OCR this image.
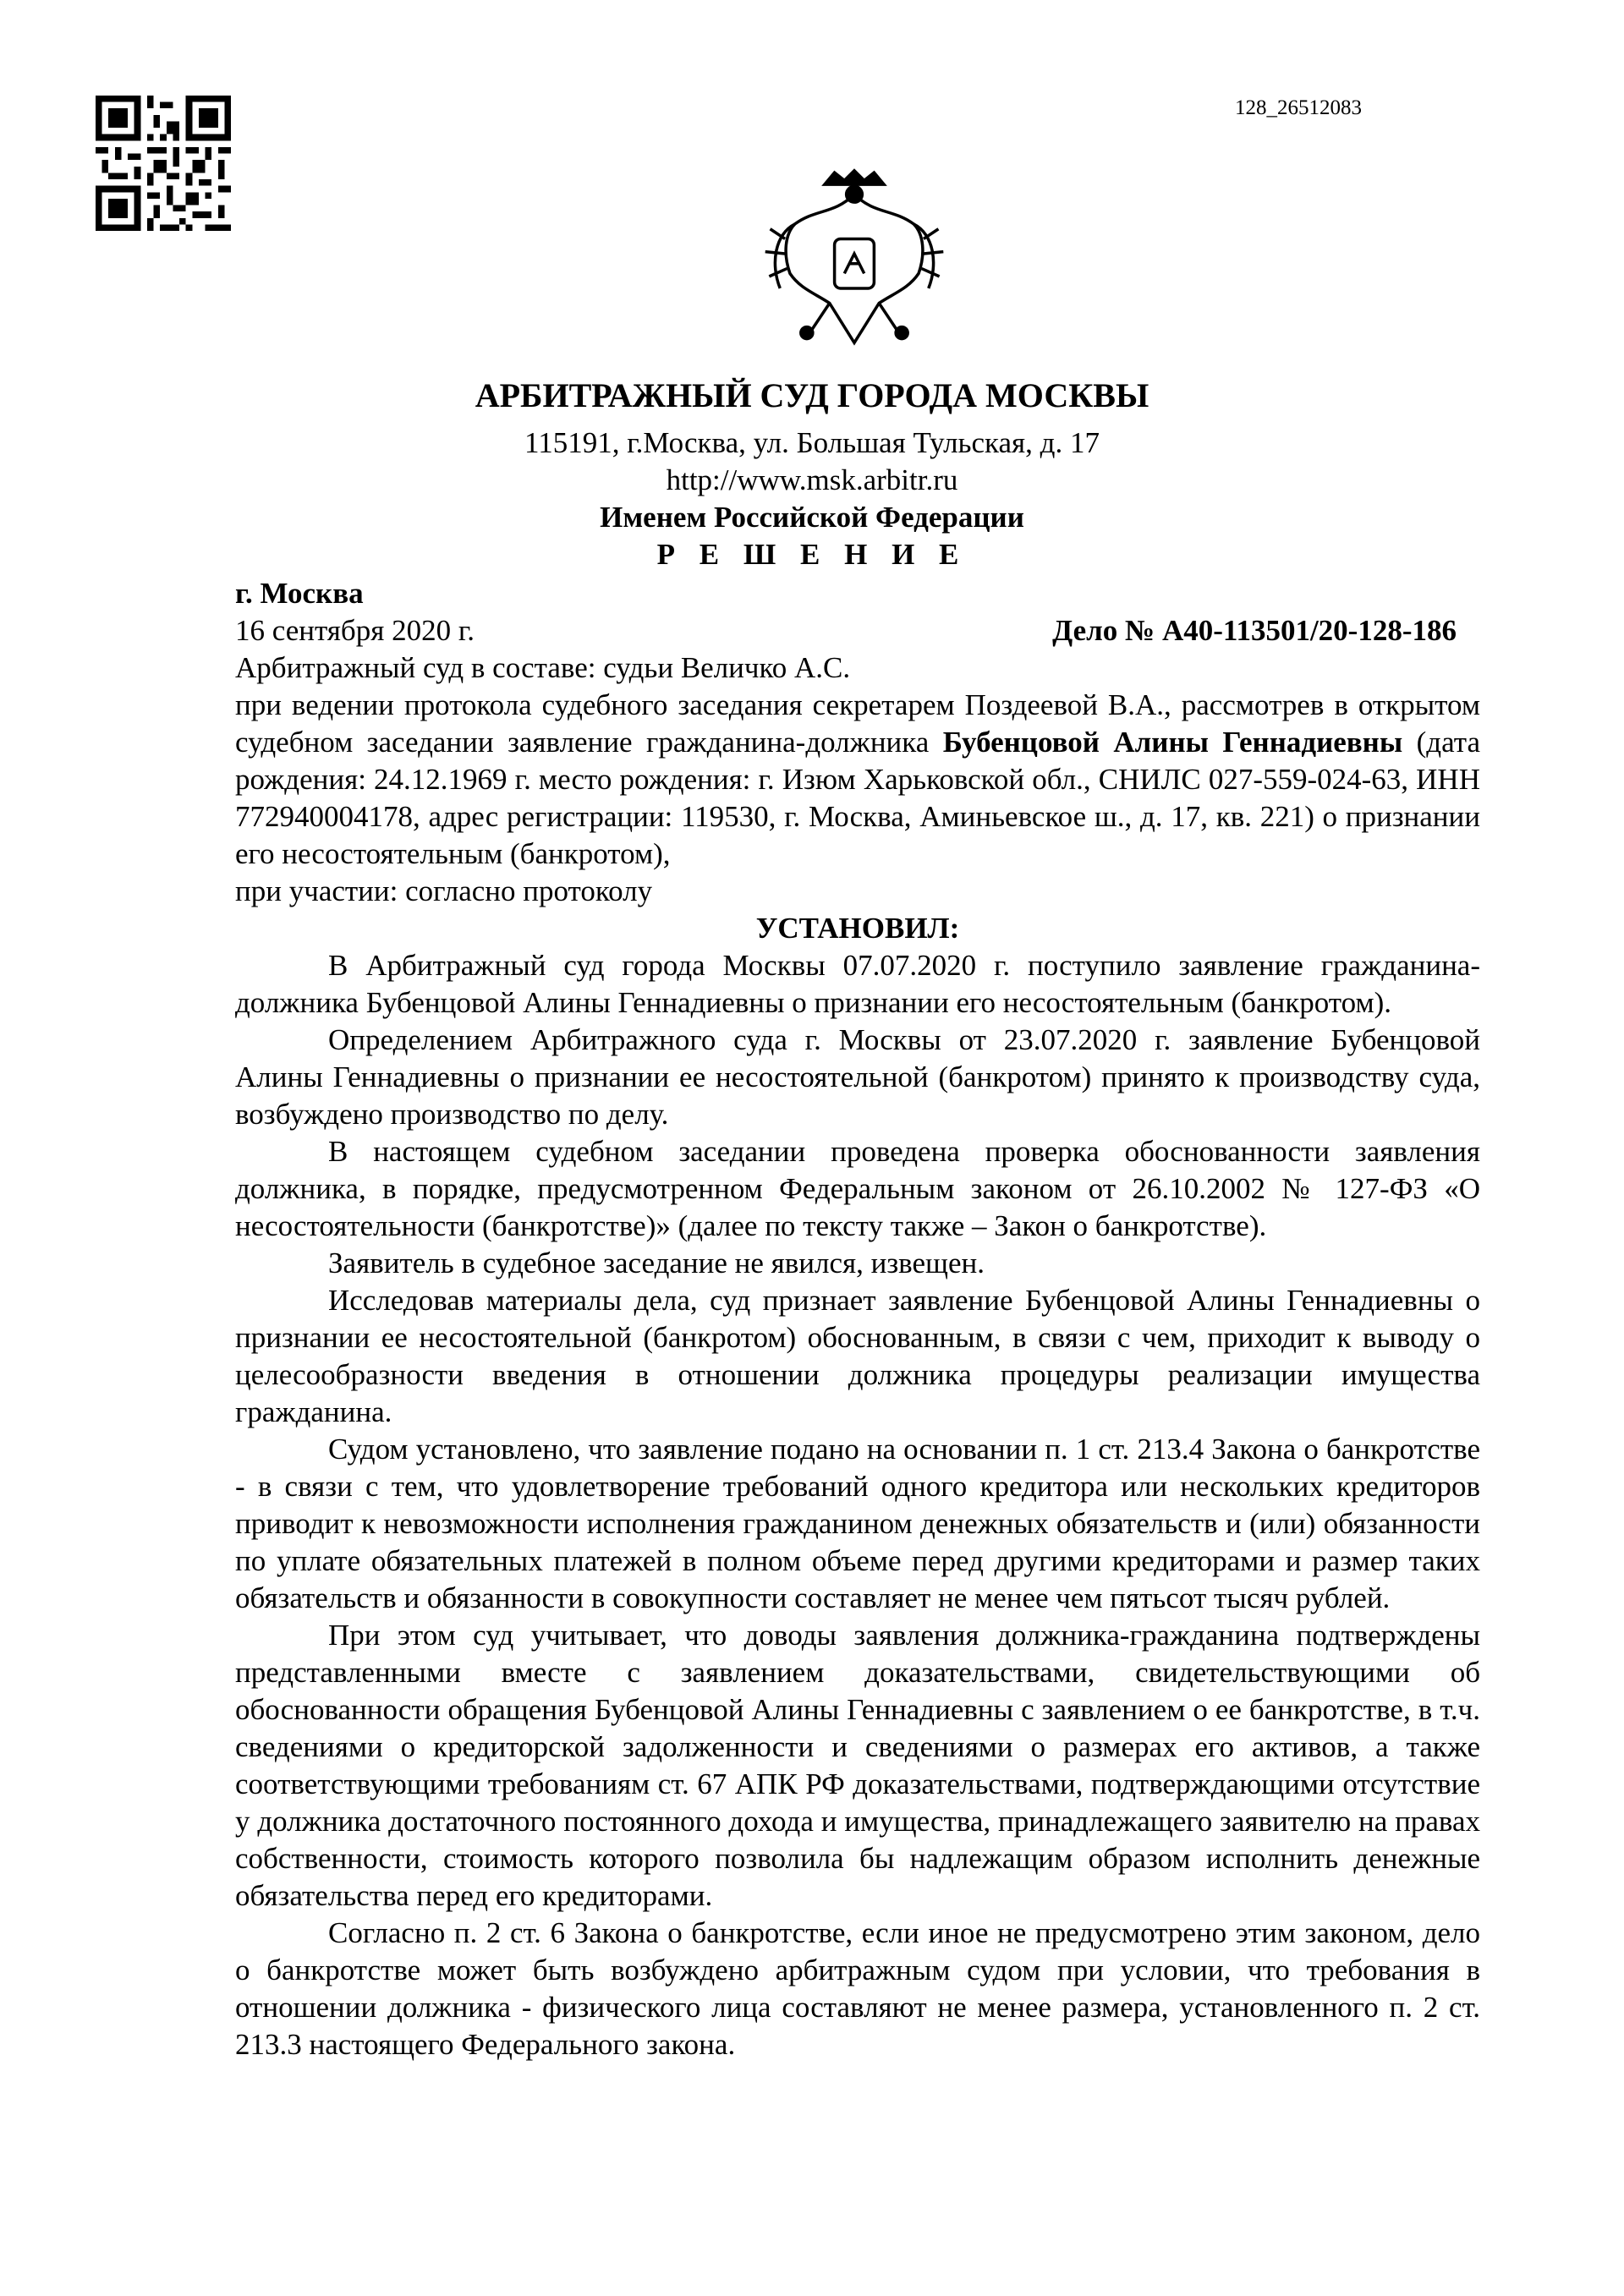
128_26512083
АРБИТРАЖНЫЙ СУД ГОРОДА МОСКВЫ
115191, г.Москва, ул. Большая Тульская, д. 17
http://www.msk.arbitr.ru
Именем Российской Федерации
Р Е Ш Е Н И Е

г. Москва

16 сентября 2020 г.	Дело № А40-113501/20-128-186

Арбитражный суд в составе: судьи Величко А.С.

при ведении протокола судебного заседания секретарем Поздеевой В.А., рассмотрев в открытом судебном заседании заявление гражданина-должника Бубенцовой Алины Геннадиевны (дата рождения: 24.12.1969 г. место рождения: г. Изюм Харьковской обл., СНИЛС 027-559-024-63, ИНН 772940004178, адрес регистрации: 119530, г. Москва, Аминьевское ш., д. 17, кв. 221) о признании его несостоятельным (банкротом),

при участии: согласно протоколу

УСТАНОВИЛ:

В Арбитражный суд города Москвы 07.07.2020 г. поступило заявление гражданина-должника Бубенцовой Алины Геннадиевны о признании его несостоятельным (банкротом).

Определением Арбитражного суда г. Москвы от 23.07.2020 г. заявление Бубенцовой Алины Геннадиевны о признании ее несостоятельной (банкротом) принято к производству суда, возбуждено производство по делу.

В настоящем судебном заседании проведена проверка обоснованности заявления должника, в порядке, предусмотренном Федеральным законом от 26.10.2002 № 127-ФЗ «О несостоятельности (банкротстве)» (далее по тексту также – Закон о банкротстве).

Заявитель в судебное заседание не явился, извещен.

Исследовав материалы дела, суд признает заявление Бубенцовой Алины Геннадиевны о признании ее несостоятельной (банкротом) обоснованным, в связи с чем, приходит к выводу о целесообразности введения в отношении должника процедуры реализации имущества гражданина.

Судом установлено, что заявление подано на основании п. 1 ст. 213.4 Закона о банкротстве - в связи с тем, что удовлетворение требований одного кредитора или нескольких кредиторов приводит к невозможности исполнения гражданином денежных обязательств и (или) обязанности по уплате обязательных платежей в полном объеме перед другими кредиторами и размер таких обязательств и обязанности в совокупности составляет не менее чем пятьсот тысяч рублей.

При этом суд учитывает, что доводы заявления должника-гражданина подтверждены представленными вместе с заявлением доказательствами, свидетельствующими об обоснованности обращения Бубенцовой Алины Геннадиевны с заявлением о ее банкротстве, в т.ч. сведениями о кредиторской задолженности и сведениями о размерах его активов, а также соответствующими требованиям ст. 67 АПК РФ доказательствами, подтверждающими отсутствие у должника достаточного постоянного дохода и имущества, принадлежащего заявителю на правах собственности, стоимость которого позволила бы надлежащим образом исполнить денежные обязательства перед его кредиторами.

Согласно п. 2 ст. 6 Закона о банкротстве, если иное не предусмотрено этим законом, дело о банкротстве может быть возбуждено арбитражным судом при условии, что требования в отношении должника - физического лица составляют не менее размера, установленного п. 2 ст. 213.3 настоящего Федерального закона.
